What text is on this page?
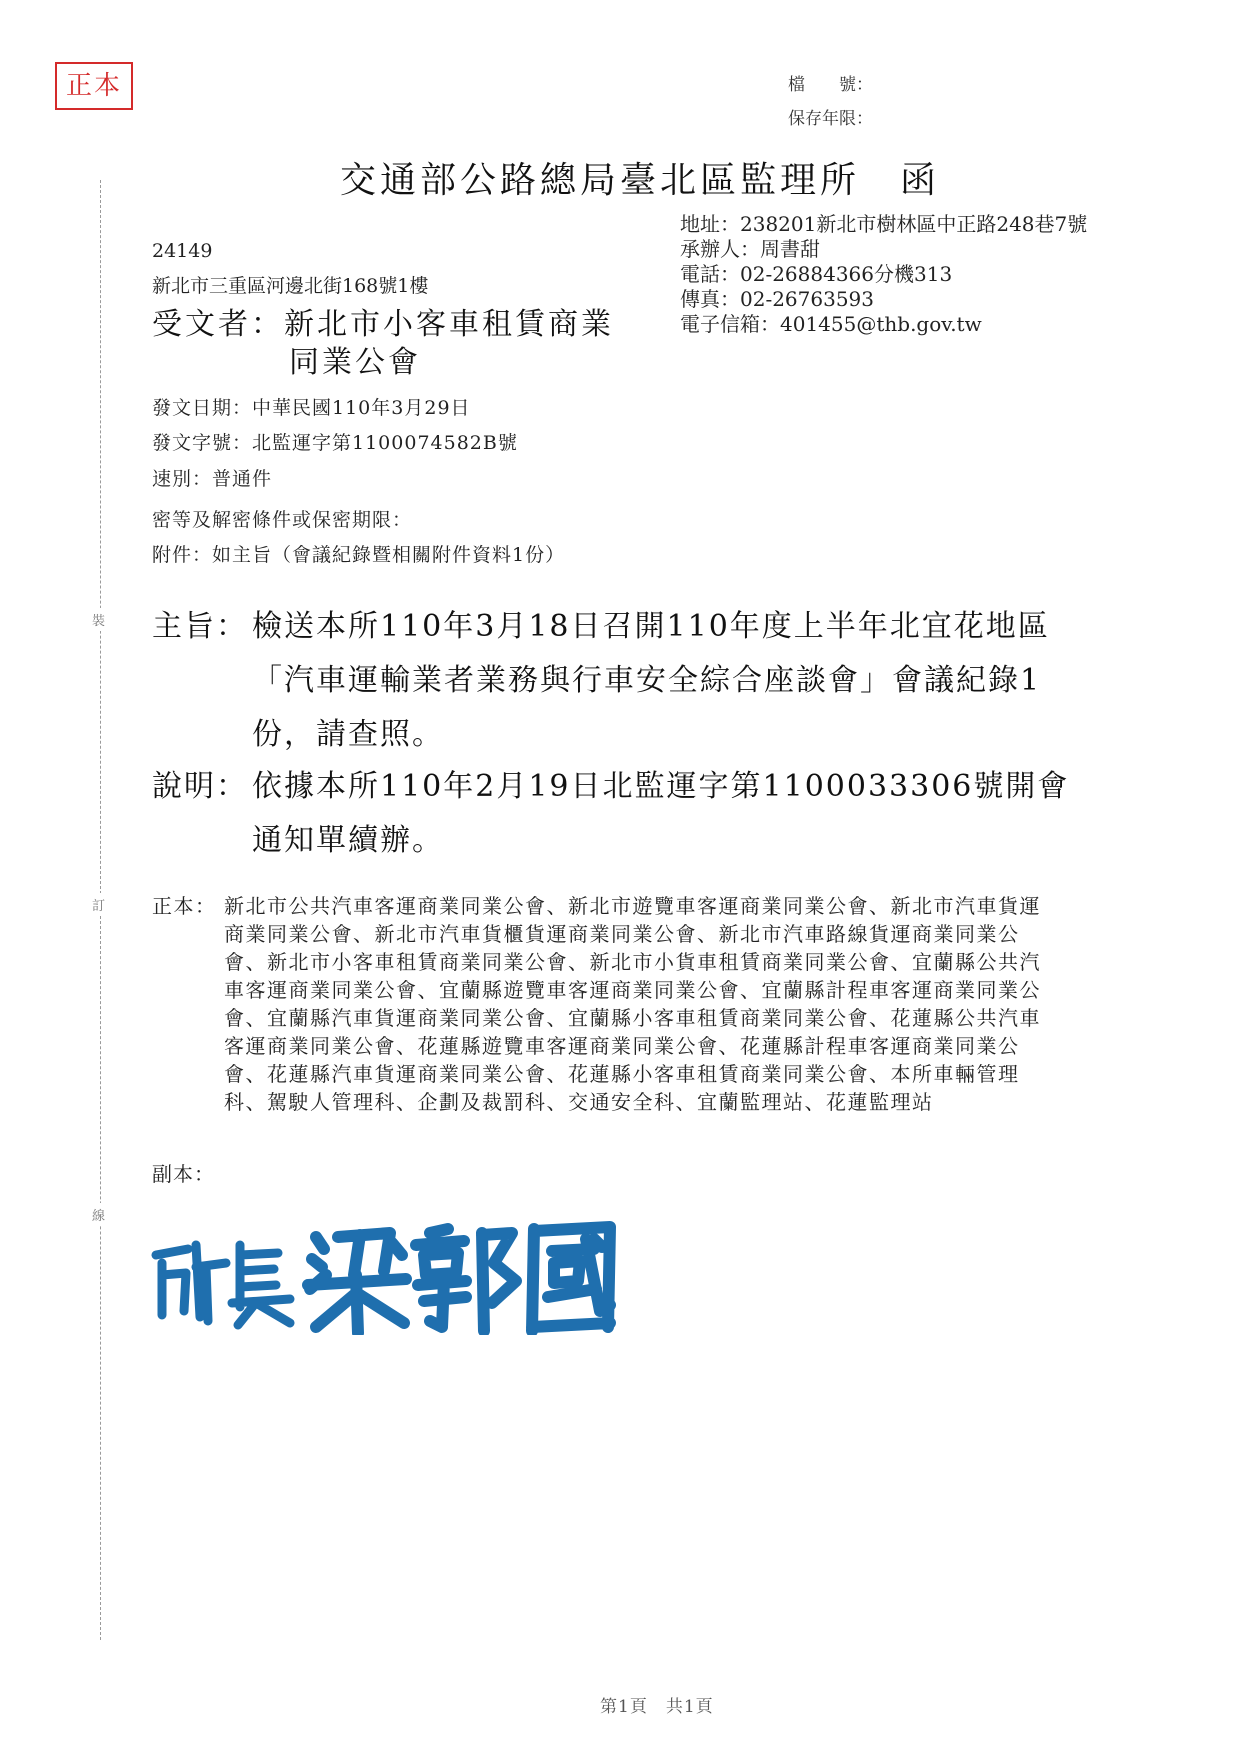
正本
裝
訂
線
檔　　號：
保存年限：
交通部公路總局臺北區監理所　函
地址：238201新北市樹林區中正路248巷7號
承辦人：周書甜
電話：02-26884366分機313
傳真：02-26763593
電子信箱：401455@thb.gov.tw
24149
新北市三重區河邊北街168號1樓
受文者：新北市小客車租賃商業
同業公會
發文日期：中華民國110年3月29日
發文字號：北監運字第1100074582B號
速別：普通件
密等及解密條件或保密期限：
附件：如主旨（會議紀錄暨相關附件資料1份）
主旨： 檢送本所110年3月18日召開110年度上半年北宜花地區「汽車運輸業者業務與行車安全綜合座談會」會議紀錄1份，請查照。
說明： 依據本所110年2月19日北監運字第1100033306號開會通知單續辦。
正本： 新北市公共汽車客運商業同業公會、新北市遊覽車客運商業同業公會、新北市汽車貨運商業同業公會、新北市汽車貨櫃貨運商業同業公會、新北市汽車路線貨運商業同業公會、新北市小客車租賃商業同業公會、新北市小貨車租賃商業同業公會、宜蘭縣公共汽車客運商業同業公會、宜蘭縣遊覽車客運商業同業公會、宜蘭縣計程車客運商業同業公會、宜蘭縣汽車貨運商業同業公會、宜蘭縣小客車租賃商業同業公會、花蓮縣公共汽車客運商業同業公會、花蓮縣遊覽車客運商業同業公會、花蓮縣計程車客運商業同業公會、花蓮縣汽車貨運商業同業公會、花蓮縣小客車租賃商業同業公會、本所車輛管理科、駕駛人管理科、企劃及裁罰科、交通安全科、宜蘭監理站、花蓮監理站
副本：
第1頁　共1頁
